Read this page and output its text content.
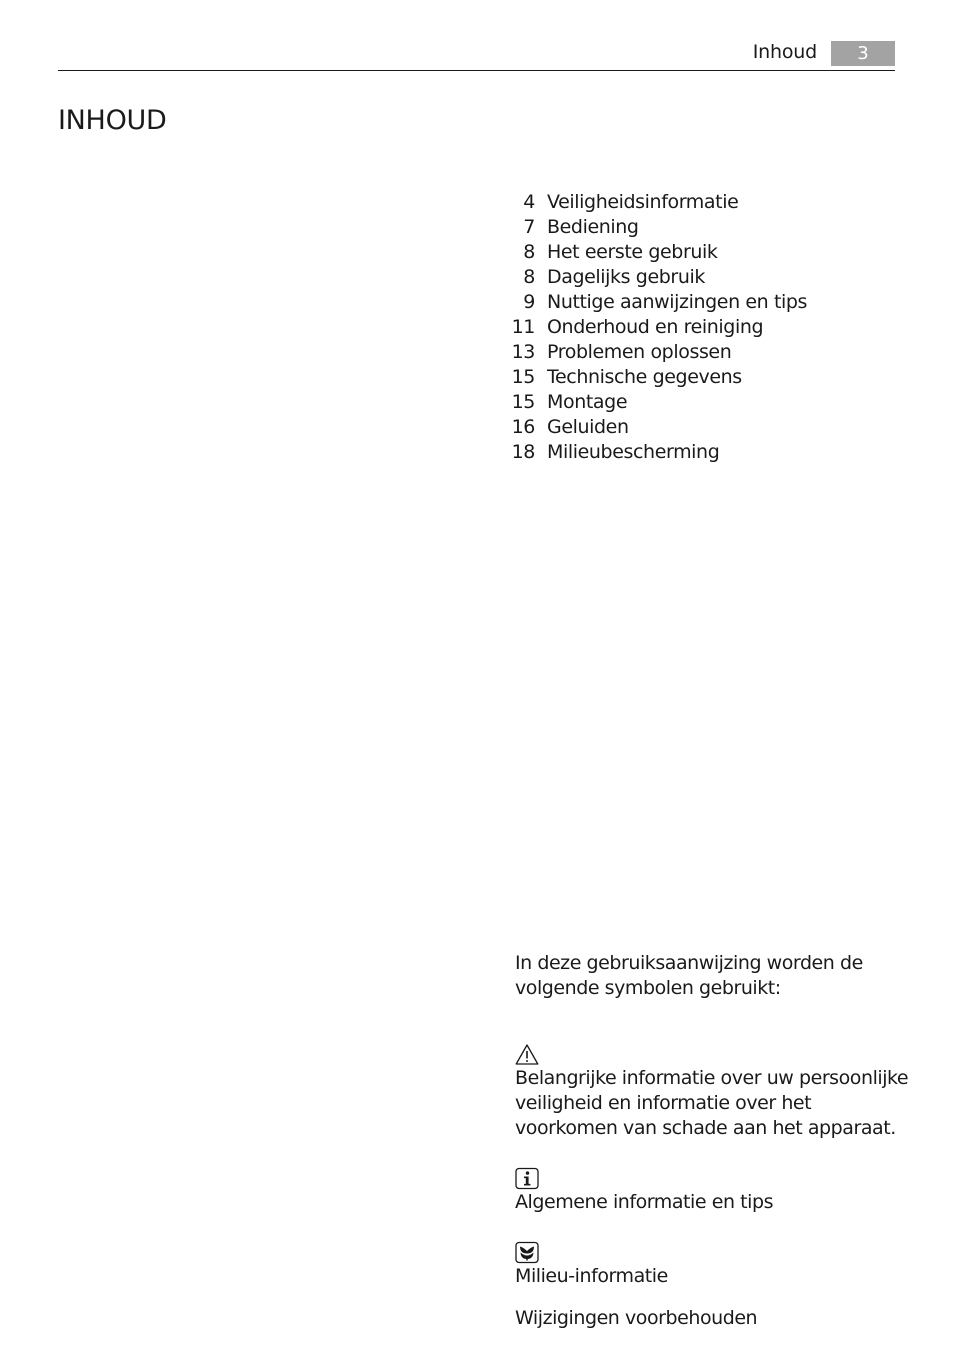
Inhoud	3
INHOUD
4 Veiligheidsinformatie
7 Bediening
8 Het eerste gebruik
8 Dagelijks gebruik
9 Nuttige aanwijzingen en tips
11 Onderhoud en reiniging
13 Problemen oplossen
15 Technische gegevens
15 Montage
16 Geluiden
18 Milieubescherming

In deze gebruiksaanwijzing worden de volgende symbolen gebruikt:

Belangrijke informatie over uw persoonlijke veiligheid en informatie over het voorkomen van schade aan het apparaat.

Algemene informatie en tips

Milieu-informatie

Wijzigingen voorbehouden
